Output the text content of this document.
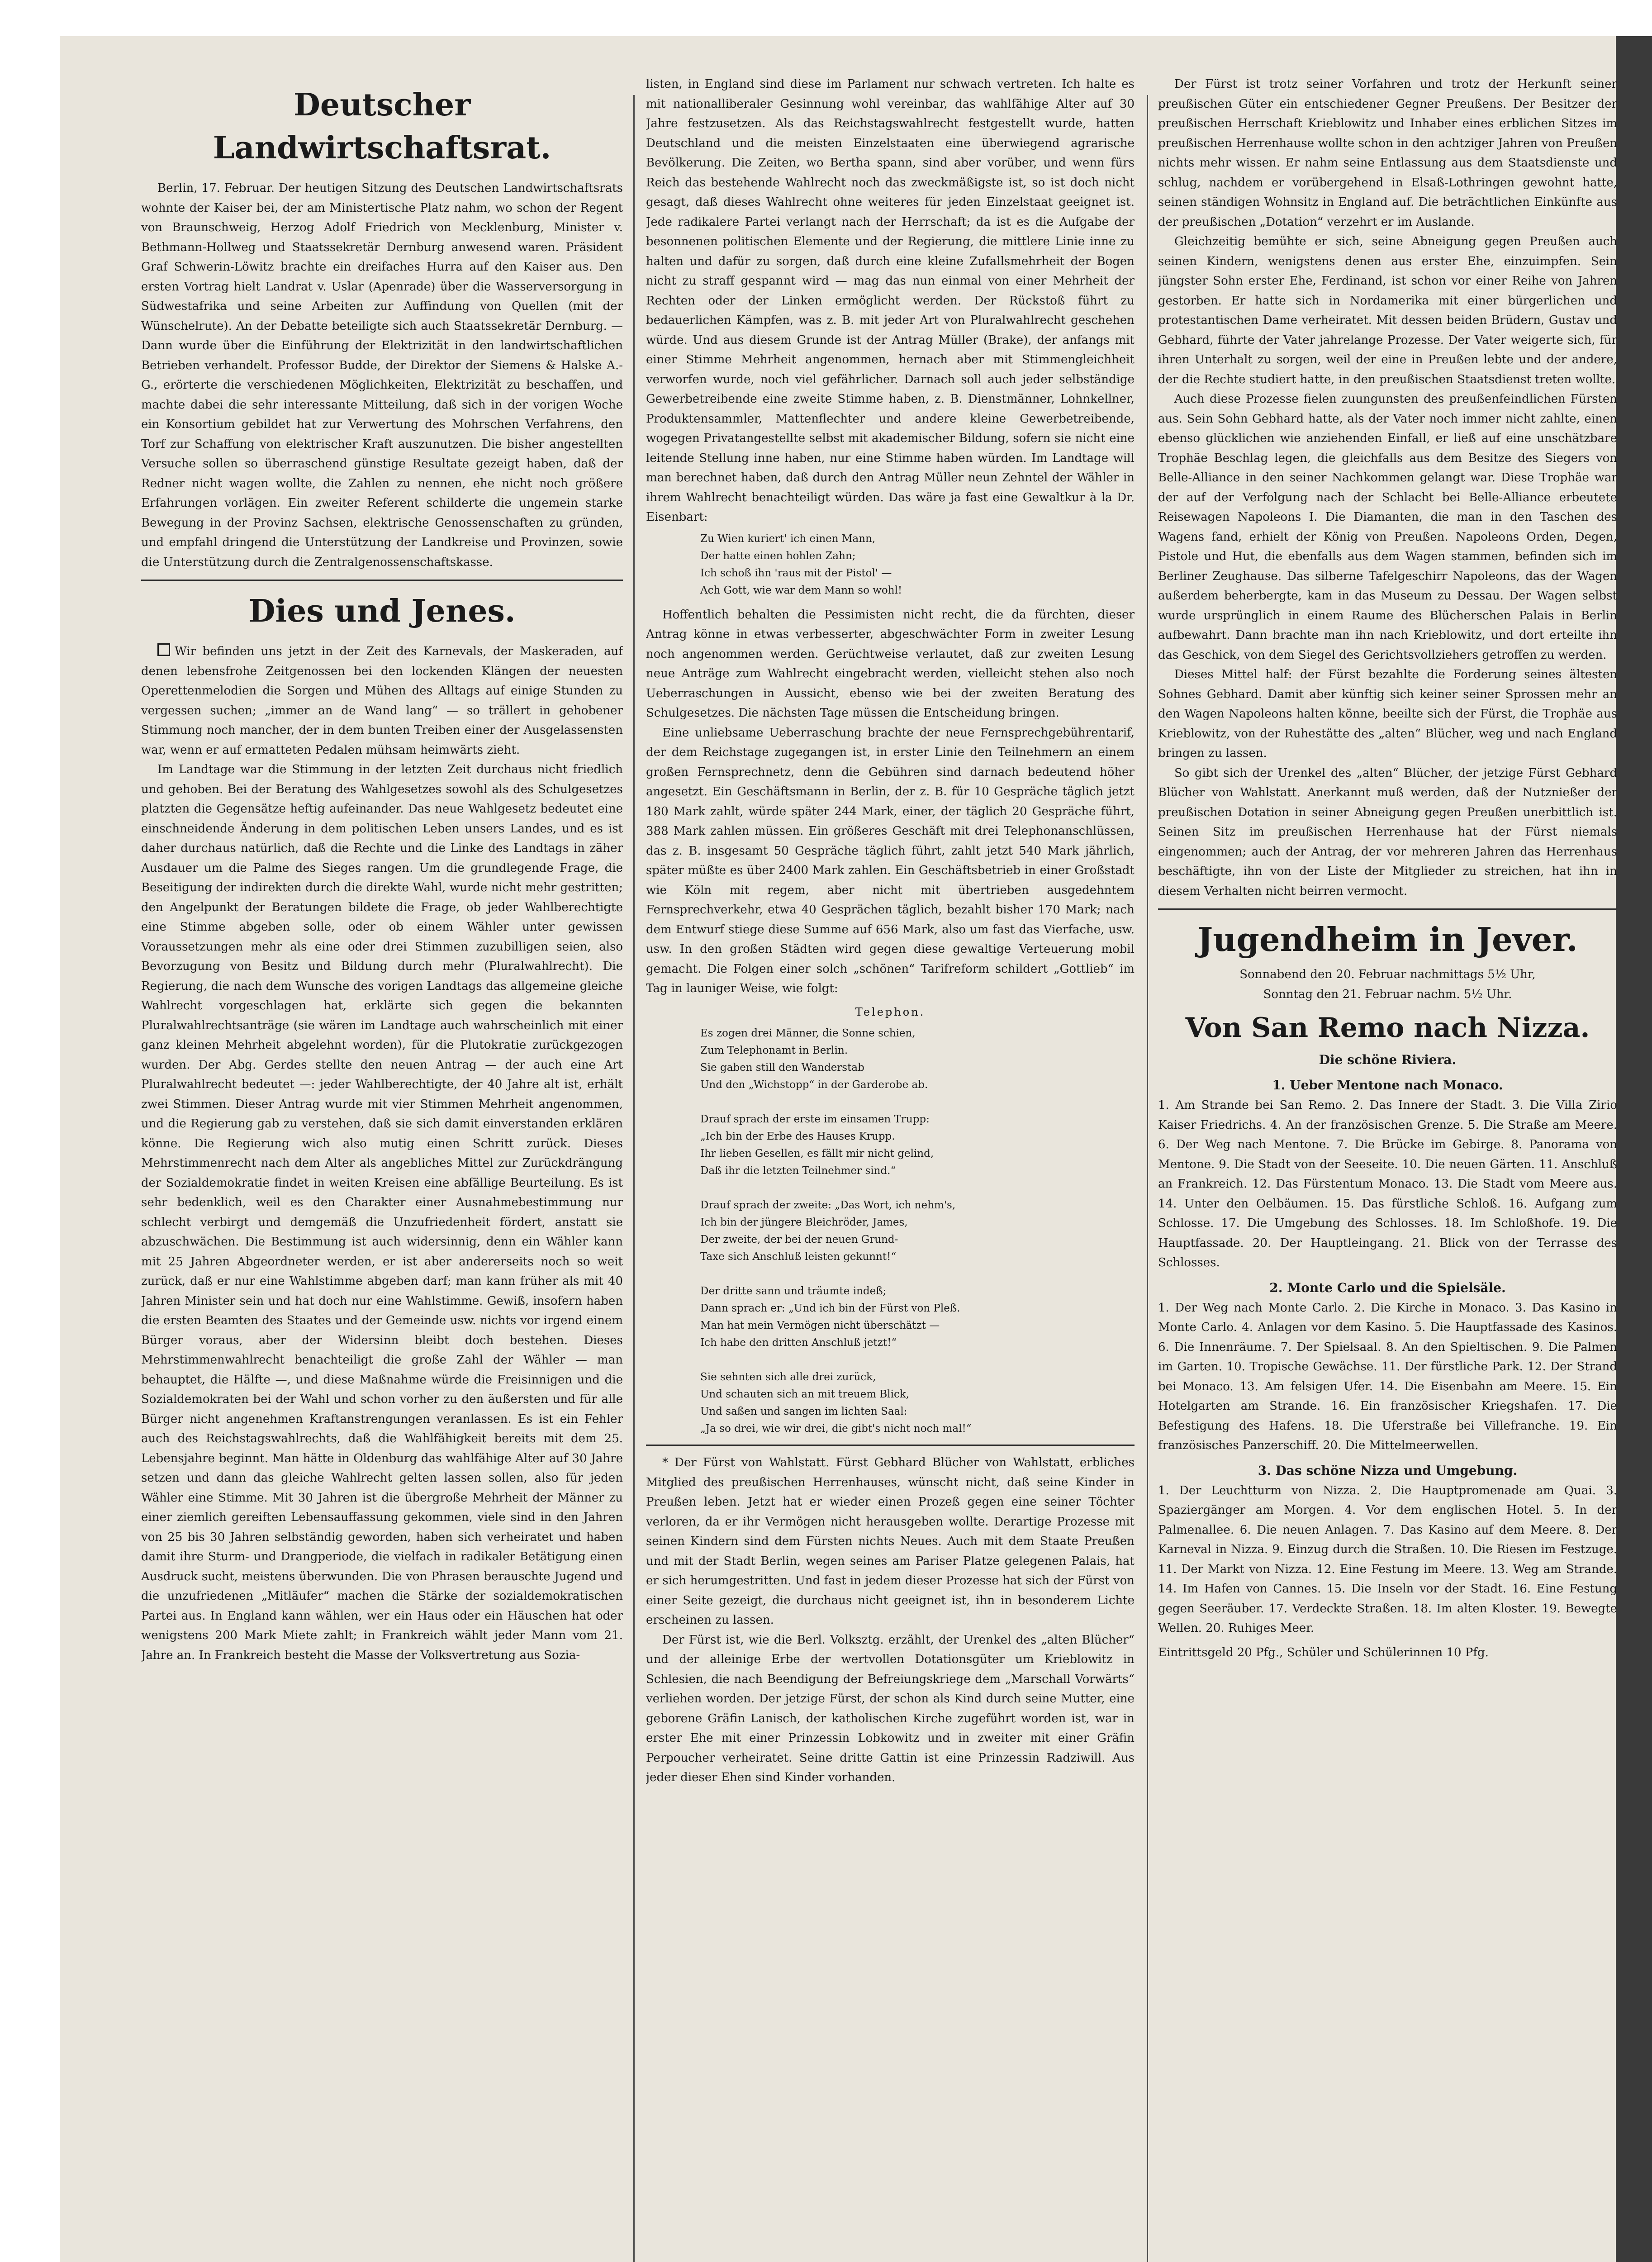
Deutscher Landwirtschaftsrat.

Berlin, 17. Februar. Der heutigen Sitzung des Deutschen Landwirtschaftsrats wohnte der Kaiser bei, der am Ministertische Platz nahm, wo schon der Regent von Braunschweig, Herzog Adolf Friedrich von Mecklenburg, Minister v. Bethmann-Hollweg und Staatssekretär Dernburg anwesend waren. Präsident Graf Schwerin-Löwitz brachte ein dreifaches Hurra auf den Kaiser aus. Den ersten Vortrag hielt Landrat v. Uslar (Apenrade) über die Wasserversorgung in Südwestafrika und seine Arbeiten zur Auffindung von Quellen (mit der Wünschelrute). An der Debatte beteiligte sich auch Staatssekretär Dernburg. — Dann wurde über die Einführung der Elektrizität in den landwirtschaftlichen Betrieben verhandelt. Professor Budde, der Direktor der Siemens & Halske A.-G., erörterte die verschiedenen Möglichkeiten, Elektrizität zu beschaffen, und machte dabei die sehr interessante Mitteilung, daß sich in der vorigen Woche ein Konsortium gebildet hat zur Verwertung des Mohrschen Verfahrens, den Torf zur Schaffung von elektrischer Kraft auszunutzen. Die bisher angestellten Versuche sollen so überraschend günstige Resultate gezeigt haben, daß der Redner nicht wagen wollte, die Zahlen zu nennen, ehe nicht noch größere Erfahrungen vorlägen. Ein zweiter Referent schilderte die ungemein starke Bewegung in der Provinz Sachsen, elektrische Genossenschaften zu gründen, und empfahl dringend die Unterstützung der Landkreise und Provinzen, sowie die Unterstützung durch die Zentralgenossenschaftskasse.

Dies und Jenes.

Wir befinden uns jetzt in der Zeit des Karnevals, der Maskeraden, auf denen lebensfrohe Zeitgenossen bei den lockenden Klängen der neuesten Operettenmelodien die Sorgen und Mühen des Alltags auf einige Stunden zu vergessen suchen; „immer an de Wand lang“ — so trällert in gehobener Stimmung noch mancher, der in dem bunten Treiben einer der Ausgelassensten war, wenn er auf ermatteten Pedalen mühsam heimwärts zieht.

Im Landtage war die Stimmung in der letzten Zeit durchaus nicht friedlich und gehoben. Bei der Beratung des Wahlgesetzes sowohl als des Schulgesetzes platzten die Gegensätze heftig aufeinander. Das neue Wahlgesetz bedeutet eine einschneidende Änderung in dem politischen Leben unsers Landes, und es ist daher durchaus natürlich, daß die Rechte und die Linke des Landtags in zäher Ausdauer um die Palme des Sieges rangen. Um die grundlegende Frage, die Beseitigung der indirekten durch die direkte Wahl, wurde nicht mehr gestritten; den Angelpunkt der Beratungen bildete die Frage, ob jeder Wahlberechtigte eine Stimme abgeben solle, oder ob einem Wähler unter gewissen Voraussetzungen mehr als eine oder drei Stimmen zuzubilligen seien, also Bevorzugung von Besitz und Bildung durch mehr (Pluralwahlrecht). Die Regierung, die nach dem Wunsche des vorigen Landtags das allgemeine gleiche Wahlrecht vorgeschlagen hat, erklärte sich gegen die bekannten Pluralwahlrechtsanträge (sie wären im Landtage auch wahrscheinlich mit einer ganz kleinen Mehrheit abgelehnt worden), für die Plutokratie zurückgezogen wurden. Der Abg. Gerdes stellte den neuen Antrag — der auch eine Art Pluralwahlrecht bedeutet —: jeder Wahlberechtigte, der 40 Jahre alt ist, erhält zwei Stimmen. Dieser Antrag wurde mit vier Stimmen Mehrheit angenommen, und die Regierung gab zu verstehen, daß sie sich damit einverstanden erklären könne. Die Regierung wich also mutig einen Schritt zurück. Dieses Mehrstimmenrecht nach dem Alter als angebliches Mittel zur Zurückdrängung der Sozialdemokratie findet in weiten Kreisen eine abfällige Beurteilung. Es ist sehr bedenklich, weil es den Charakter einer Ausnahmebestimmung nur schlecht verbirgt und demgemäß die Unzufriedenheit fördert, anstatt sie abzuschwächen. Die Bestimmung ist auch widersinnig, denn ein Wähler kann mit 25 Jahren Abgeordneter werden, er ist aber andererseits noch so weit zurück, daß er nur eine Wahlstimme abgeben darf; man kann früher als mit 40 Jahren Minister sein und hat doch nur eine Wahlstimme. Gewiß, insofern haben die ersten Beamten des Staates und der Gemeinde usw. nichts vor irgend einem Bürger voraus, aber der Widersinn bleibt doch bestehen. Dieses Mehrstimmenwahlrecht benachteiligt die große Zahl der Wähler — man behauptet, die Hälfte —, und diese Maßnahme würde die Freisinnigen und die Sozialdemokraten bei der Wahl und schon vorher zu den äußersten und für alle Bürger nicht angenehmen Kraftanstrengungen veranlassen. Es ist ein Fehler auch des Reichstagswahlrechts, daß die Wahlfähigkeit bereits mit dem 25. Lebensjahre beginnt. Man hätte in Oldenburg das wahlfähige Alter auf 30 Jahre setzen und dann das gleiche Wahlrecht gelten lassen sollen, also für jeden Wähler eine Stimme. Mit 30 Jahren ist die übergroße Mehrheit der Männer zu einer ziemlich gereiften Lebensauffassung gekommen, viele sind in den Jahren von 25 bis 30 Jahren selbständig geworden, haben sich verheiratet und haben damit ihre Sturm- und Drangperiode, die vielfach in radikaler Betätigung einen Ausdruck sucht, meistens überwunden. Die von Phrasen berauschte Jugend und die unzufriedenen „Mitläufer“ machen die Stärke der sozialdemokratischen Partei aus. In England kann wählen, wer ein Haus oder ein Häuschen hat oder wenigstens 200 Mark Miete zahlt; in Frankreich wählt jeder Mann vom 21. Jahre an. In Frankreich besteht die Masse der Volksvertretung aus Sozia-

listen, in England sind diese im Parlament nur schwach vertreten. Ich halte es mit nationalliberaler Gesinnung wohl vereinbar, das wahlfähige Alter auf 30 Jahre festzusetzen. Als das Reichstagswahlrecht festgestellt wurde, hatten Deutschland und die meisten Einzelstaaten eine überwiegend agrarische Bevölkerung. Die Zeiten, wo Bertha spann, sind aber vorüber, und wenn fürs Reich das bestehende Wahlrecht noch das zweckmäßigste ist, so ist doch nicht gesagt, daß dieses Wahlrecht ohne weiteres für jeden Einzelstaat geeignet ist. Jede radikalere Partei verlangt nach der Herrschaft; da ist es die Aufgabe der besonnenen politischen Elemente und der Regierung, die mittlere Linie inne zu halten und dafür zu sorgen, daß durch eine kleine Zufallsmehrheit der Bogen nicht zu straff gespannt wird — mag das nun einmal von einer Mehrheit der Rechten oder der Linken ermöglicht werden. Der Rückstoß führt zu bedauerlichen Kämpfen, was z. B. mit jeder Art von Pluralwahlrecht geschehen würde. Und aus diesem Grunde ist der Antrag Müller (Brake), der anfangs mit einer Stimme Mehrheit angenommen, hernach aber mit Stimmengleichheit verworfen wurde, noch viel gefährlicher. Darnach soll auch jeder selbständige Gewerbetreibende eine zweite Stimme haben, z. B. Dienstmänner, Lohnkellner, Produktensammler, Mattenflechter und andere kleine Gewerbetreibende, wogegen Privatangestellte selbst mit akademischer Bildung, sofern sie nicht eine leitende Stellung inne haben, nur eine Stimme haben würden. Im Landtage will man berechnet haben, daß durch den Antrag Müller neun Zehntel der Wähler in ihrem Wahlrecht benachteiligt würden. Das wäre ja fast eine Gewaltkur à la Dr. Eisenbart:

Zu Wien kuriert' ich einen Mann,
Der hatte einen hohlen Zahn;
Ich schoß ihn 'raus mit der Pistol' —
Ach Gott, wie war dem Mann so wohl!

Hoffentlich behalten die Pessimisten nicht recht, die da fürchten, dieser Antrag könne in etwas verbesserter, abgeschwächter Form in zweiter Lesung noch angenommen werden. Gerüchtweise verlautet, daß zur zweiten Lesung neue Anträge zum Wahlrecht eingebracht werden, vielleicht stehen also noch Ueberraschungen in Aussicht, ebenso wie bei der zweiten Beratung des Schulgesetzes. Die nächsten Tage müssen die Entscheidung bringen.

Eine unliebsame Ueberraschung brachte der neue Fernsprechgebührentarif, der dem Reichstage zugegangen ist, in erster Linie den Teilnehmern an einem großen Fernsprechnetz, denn die Gebühren sind darnach bedeutend höher angesetzt. Ein Geschäftsmann in Berlin, der z. B. für 10 Gespräche täglich jetzt 180 Mark zahlt, würde später 244 Mark, einer, der täglich 20 Gespräche führt, 388 Mark zahlen müssen. Ein größeres Geschäft mit drei Telephonanschlüssen, das z. B. insgesamt 50 Gespräche täglich führt, zahlt jetzt 540 Mark jährlich, später müßte es über 2400 Mark zahlen. Ein Geschäftsbetrieb in einer Großstadt wie Köln mit regem, aber nicht mit übertrieben ausgedehntem Fernsprechverkehr, etwa 40 Gesprächen täglich, bezahlt bisher 170 Mark; nach dem Entwurf stiege diese Summe auf 656 Mark, also um fast das Vierfache, usw. usw. In den großen Städten wird gegen diese gewaltige Verteuerung mobil gemacht. Die Folgen einer solch „schönen“ Tarifreform schildert „Gottlieb“ im Tag in launiger Weise, wie folgt:

Telephon.
Es zogen drei Männer, die Sonne schien,
Zum Telephonamt in Berlin.
Sie gaben still den Wanderstab
Und den „Wichstopp“ in der Garderobe ab.

Drauf sprach der erste im einsamen Trupp:
„Ich bin der Erbe des Hauses Krupp.
Ihr lieben Gesellen, es fällt mir nicht gelind,
Daß ihr die letzten Teilnehmer sind.“

Drauf sprach der zweite: „Das Wort, ich nehm's,
Ich bin der jüngere Bleichröder, James,
Der zweite, der bei der neuen Grund-
Taxe sich Anschluß leisten gekunnt!“

Der dritte sann und träumte indeß;
Dann sprach er: „Und ich bin der Fürst von Pleß.
Man hat mein Vermögen nicht überschätzt —
Ich habe den dritten Anschluß jetzt!“

Sie sehnten sich alle drei zurück,
Und schauten sich an mit treuem Blick,
Und saßen und sangen im lichten Saal:
„Ja so drei, wie wir drei, die gibt's nicht noch mal!“

* Der Fürst von Wahlstatt. Fürst Gebhard Blücher von Wahlstatt, erbliches Mitglied des preußischen Herrenhauses, wünscht nicht, daß seine Kinder in Preußen leben. Jetzt hat er wieder einen Prozeß gegen eine seiner Töchter verloren, da er ihr Vermögen nicht herausgeben wollte. Derartige Prozesse mit seinen Kindern sind dem Fürsten nichts Neues. Auch mit dem Staate Preußen und mit der Stadt Berlin, wegen seines am Pariser Platze gelegenen Palais, hat er sich herumgestritten. Und fast in jedem dieser Prozesse hat sich der Fürst von einer Seite gezeigt, die durchaus nicht geeignet ist, ihn in besonderem Lichte erscheinen zu lassen.

Der Fürst ist, wie die Berl. Volksztg. erzählt, der Urenkel des „alten Blücher“ und der alleinige Erbe der wertvollen Dotationsgüter um Krieblowitz in Schlesien, die nach Beendigung der Befreiungskriege dem „Marschall Vorwärts“ verliehen worden. Der jetzige Fürst, der schon als Kind durch seine Mutter, eine geborene Gräfin Lanisch, der katholischen Kirche zugeführt worden ist, war in erster Ehe mit einer Prinzessin Lobkowitz und in zweiter mit einer Gräfin Perpoucher verheiratet. Seine dritte Gattin ist eine Prinzessin Radziwill. Aus jeder dieser Ehen sind Kinder vorhanden.

Der Fürst ist trotz seiner Vorfahren und trotz der Herkunft seiner preußischen Güter ein entschiedener Gegner Preußens. Der Besitzer der preußischen Herrschaft Krieblowitz und Inhaber eines erblichen Sitzes im preußischen Herrenhause wollte schon in den achtziger Jahren von Preußen nichts mehr wissen. Er nahm seine Entlassung aus dem Staatsdienste und schlug, nachdem er vorübergehend in Elsaß-Lothringen gewohnt hatte, seinen ständigen Wohnsitz in England auf. Die beträchtlichen Einkünfte aus der preußischen „Dotation“ verzehrt er im Auslande.

Gleichzeitig bemühte er sich, seine Abneigung gegen Preußen auch seinen Kindern, wenigstens denen aus erster Ehe, einzuimpfen. Sein jüngster Sohn erster Ehe, Ferdinand, ist schon vor einer Reihe von Jahren gestorben. Er hatte sich in Nordamerika mit einer bürgerlichen und protestantischen Dame verheiratet. Mit dessen beiden Brüdern, Gustav und Gebhard, führte der Vater jahrelange Prozesse. Der Vater weigerte sich, für ihren Unterhalt zu sorgen, weil der eine in Preußen lebte und der andere, der die Rechte studiert hatte, in den preußischen Staatsdienst treten wollte.

Auch diese Prozesse fielen zuungunsten des preußenfeindlichen Fürsten aus. Sein Sohn Gebhard hatte, als der Vater noch immer nicht zahlte, einen ebenso glücklichen wie anziehenden Einfall, er ließ auf eine unschätzbare Trophäe Beschlag legen, die gleichfalls aus dem Besitze des Siegers von Belle-Alliance in den seiner Nachkommen gelangt war. Diese Trophäe war der auf der Verfolgung nach der Schlacht bei Belle-Alliance erbeutete Reisewagen Napoleons I. Die Diamanten, die man in den Taschen des Wagens fand, erhielt der König von Preußen. Napoleons Orden, Degen, Pistole und Hut, die ebenfalls aus dem Wagen stammen, befinden sich im Berliner Zeughause. Das silberne Tafelgeschirr Napoleons, das der Wagen außerdem beherbergte, kam in das Museum zu Dessau. Der Wagen selbst wurde ursprünglich in einem Raume des Blücherschen Palais in Berlin aufbewahrt. Dann brachte man ihn nach Krieblowitz, und dort erteilte ihn das Geschick, von dem Siegel des Gerichtsvollziehers getroffen zu werden.

Dieses Mittel half: der Fürst bezahlte die Forderung seines ältesten Sohnes Gebhard. Damit aber künftig sich keiner seiner Sprossen mehr an den Wagen Napoleons halten könne, beeilte sich der Fürst, die Trophäe aus Krieblowitz, von der Ruhestätte des „alten“ Blücher, weg und nach England bringen zu lassen.

So gibt sich der Urenkel des „alten“ Blücher, der jetzige Fürst Gebhard Blücher von Wahlstatt. Anerkannt muß werden, daß der Nutznießer der preußischen Dotation in seiner Abneigung gegen Preußen unerbittlich ist. Seinen Sitz im preußischen Herrenhause hat der Fürst niemals eingenommen; auch der Antrag, der vor mehreren Jahren das Herrenhaus beschäftigte, ihn von der Liste der Mitglieder zu streichen, hat ihn in diesem Verhalten nicht beirren vermocht.

Jugendheim in Jever.
Sonnabend den 20. Februar nachmittags 5½ Uhr,
Sonntag den 21. Februar nachm. 5½ Uhr.
Von San Remo nach Nizza.
Die schöne Riviera.
1. Ueber Mentone nach Monaco.

1. Am Strande bei San Remo. 2. Das Innere der Stadt. 3. Die Villa Zirio Kaiser Friedrichs. 4. An der französischen Grenze. 5. Die Straße am Meere. 6. Der Weg nach Mentone. 7. Die Brücke im Gebirge. 8. Panorama von Mentone. 9. Die Stadt von der Seeseite. 10. Die neuen Gärten. 11. Anschluß an Frankreich. 12. Das Fürstentum Monaco. 13. Die Stadt vom Meere aus. 14. Unter den Oelbäumen. 15. Das fürstliche Schloß. 16. Aufgang zum Schlosse. 17. Die Umgebung des Schlosses. 18. Im Schloßhofe. 19. Die Hauptfassade. 20. Der Hauptleingang. 21. Blick von der Terrasse des Schlosses.

2. Monte Carlo und die Spielsäle.

1. Der Weg nach Monte Carlo. 2. Die Kirche in Monaco. 3. Das Kasino in Monte Carlo. 4. Anlagen vor dem Kasino. 5. Die Hauptfassade des Kasinos. 6. Die Innenräume. 7. Der Spielsaal. 8. An den Spieltischen. 9. Die Palmen im Garten. 10. Tropische Gewächse. 11. Der fürstliche Park. 12. Der Strand bei Monaco. 13. Am felsigen Ufer. 14. Die Eisenbahn am Meere. 15. Ein Hotelgarten am Strande. 16. Ein französischer Kriegshafen. 17. Die Befestigung des Hafens. 18. Die Uferstraße bei Villefranche. 19. Ein französisches Panzerschiff. 20. Die Mittelmeerwellen.

3. Das schöne Nizza und Umgebung.

1. Der Leuchtturm von Nizza. 2. Die Hauptpromenade am Quai. 3. Spaziergänger am Morgen. 4. Vor dem englischen Hotel. 5. In der Palmenallee. 6. Die neuen Anlagen. 7. Das Kasino auf dem Meere. 8. Der Karneval in Nizza. 9. Einzug durch die Straßen. 10. Die Riesen im Festzuge. 11. Der Markt von Nizza. 12. Eine Festung im Meere. 13. Weg am Strande. 14. Im Hafen von Cannes. 15. Die Inseln vor der Stadt. 16. Eine Festung gegen Seeräuber. 17. Verdeckte Straßen. 18. Im alten Kloster. 19. Bewegte Wellen. 20. Ruhiges Meer.

Eintrittsgeld 20 Pfg., Schüler und Schülerinnen 10 Pfg.
